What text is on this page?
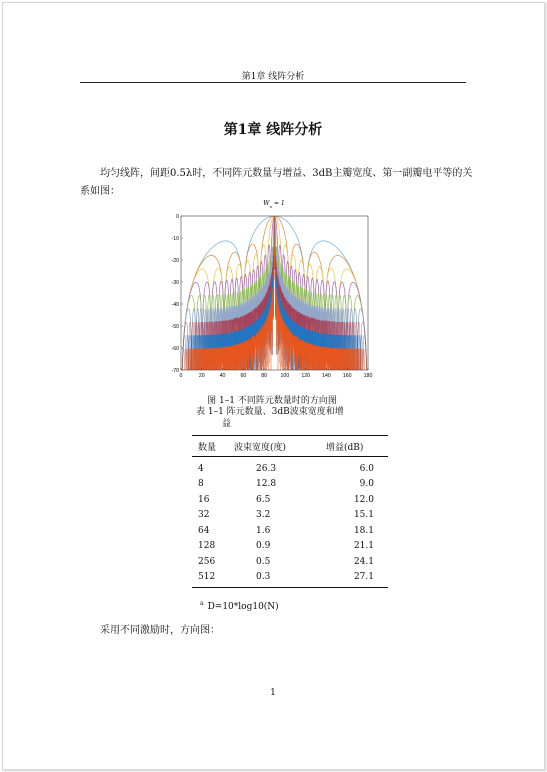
第1章 线阵分析
第1章 线阵分析
均匀线阵，间距0.5λ时，不同阵元数量与增益、3dB主瓣宽度、第一副瓣电平等的关系如图：
$W_n = 1$
0	20	40	60	80	100 120 140 160 180
0
-10
-20
-30
-40
-50
-60
-70
图 1–1 不同阵元数量时的方向图
表 1–1 阵元数量、3dB波束宽度和增
益
数量	波束宽度(度)	增益(dB)
4	26.3	6.0
8	12.8	9.0
16	6.5	12.0
32	3.2	15.1
64	1.6	18.1
128	0.9	21.1
256	0.5	24.1
512	0.3	27.1
$^a$ D=10*log10(N)
采用不同激励时，方向图：
1
